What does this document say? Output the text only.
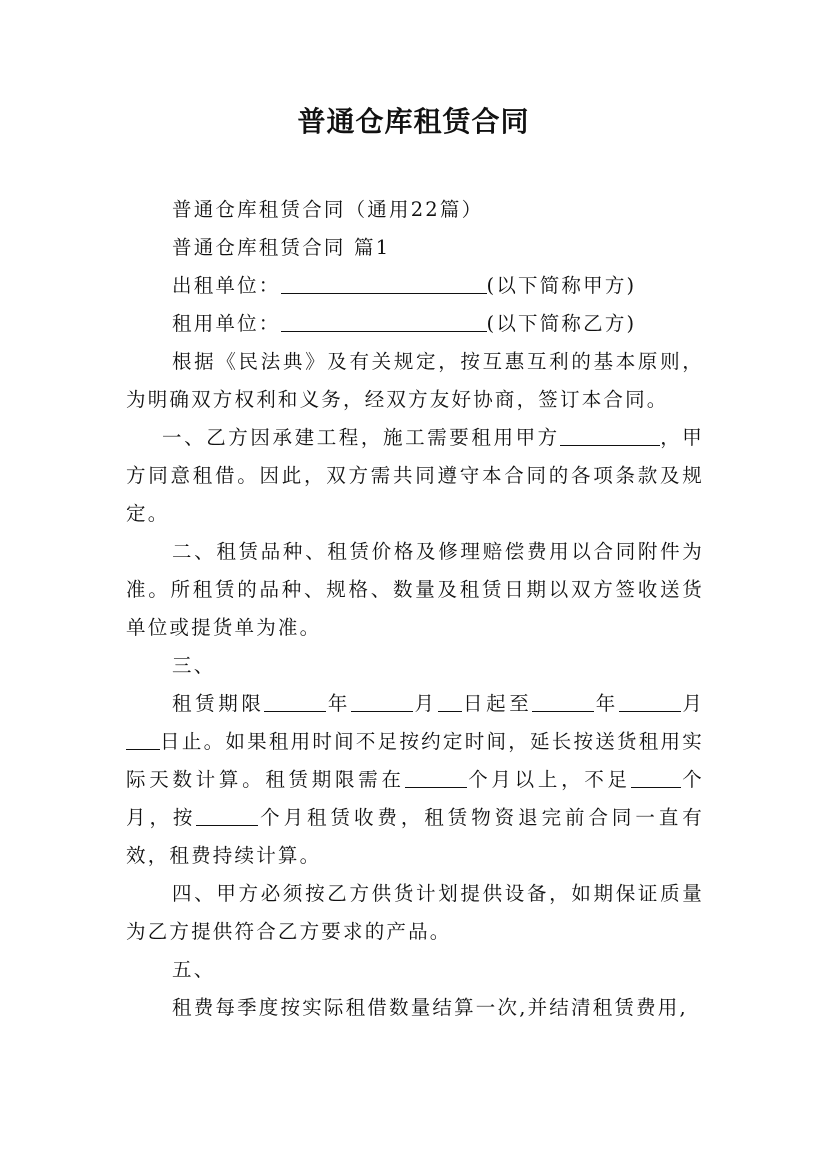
普通仓库租赁合同

普通仓库租赁合同（通用22篇）

普通仓库租赁合同 篇1

出租单位：	(以下简称甲方)

租用单位：	(以下简称乙方)

根据《民法典》及有关规定，按互惠互利的基本原则，为明确双方权利和义务，经双方友好协商，签订本合同。

一、乙方因承建工程，施工需要租用甲方	，甲方同意租借。因此，双方需共同遵守本合同的各项条款及规定。

二、租赁品种、租赁价格及修理赔偿费用以合同附件为准。所租赁的品种、规格、数量及租赁日期以双方签收送货单位或提货单为准。

三、

租赁期限	年	月 日起至	年	月日止。如果租用时间不足按约定时间，延长按送货租用实际天数计算。租赁期限需在	个月以上，不足	个月，按	个月租赁收费，租赁物资退完前合同一直有效，租费持续计算。

四、甲方必须按乙方供货计划提供设备，如期保证质量为乙方提供符合乙方要求的产品。

五、

租费每季度按实际租借数量结算一次,并结清租赁费用,
